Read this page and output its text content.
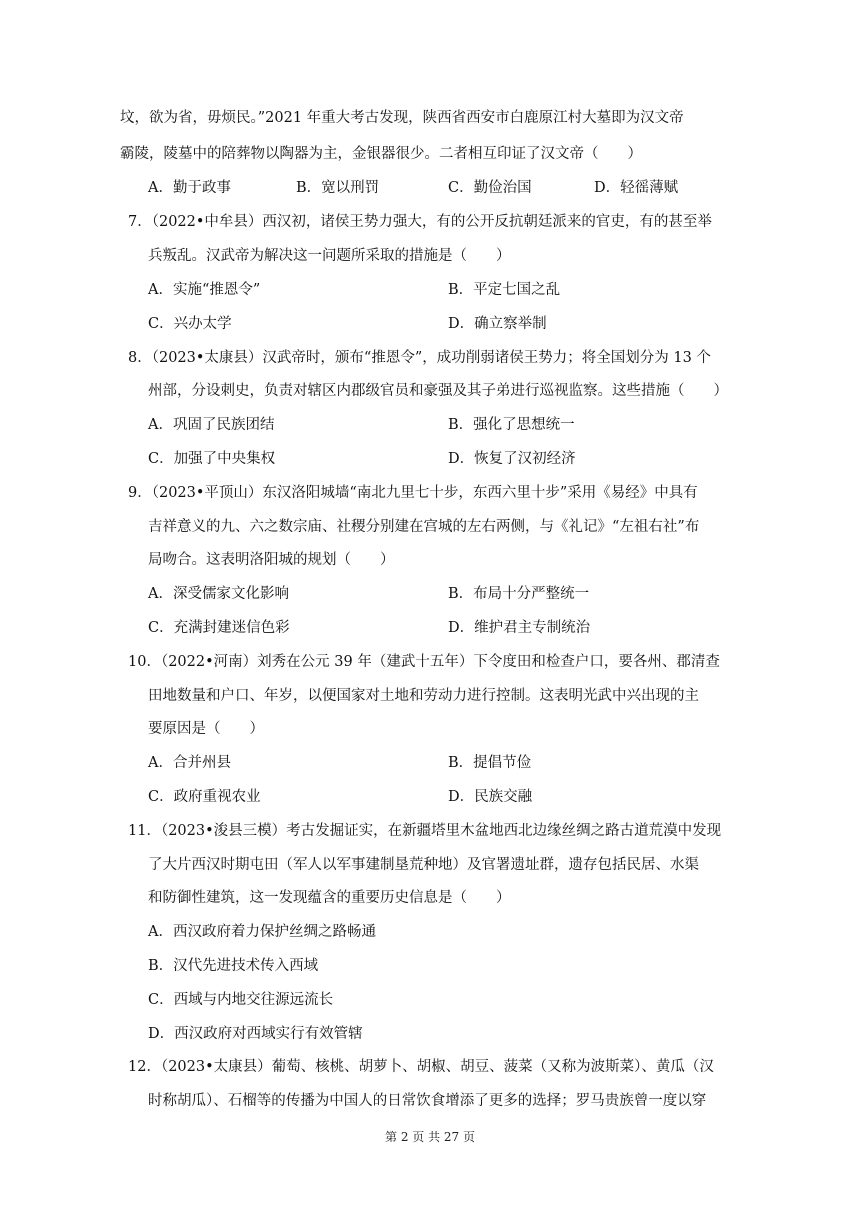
坟，欲为省，毋烦民。”2021 年重大考古发现，陕西省西安市白鹿原江村大墓即为汉文帝
霸陵，陵墓中的陪葬物以陶器为主，金银器很少。二者相互印证了汉文帝（　　）
A．勤于政事	B．宽以刑罚	C．勤俭治国	D．轻徭薄赋
7．（2022•中牟县）西汉初，诸侯王势力强大，有的公开反抗朝廷派来的官吏，有的甚至举
兵叛乱。汉武帝为解决这一问题所采取的措施是（　　）
A．实施“推恩令”	B．平定七国之乱
C．兴办太学	D．确立察举制
8．（2023•太康县）汉武帝时，颁布“推恩令”，成功削弱诸侯王势力；将全国划分为 13 个
州部，分设刺史，负责对辖区内郡级官员和豪强及其子弟进行巡视监察。这些措施（　　）
A．巩固了民族团结	B．强化了思想统一
C．加强了中央集权	D．恢复了汉初经济
9．（2023•平顶山）东汉洛阳城墙“南北九里七十步，东西六里十步”采用《易经》中具有
吉祥意义的九、六之数宗庙、社稷分别建在宫城的左右两侧，与《礼记》“左祖右社”布
局吻合。这表明洛阳城的规划（　　）
A．深受儒家文化影响	B．布局十分严整统一
C．充满封建迷信色彩	D．维护君主专制统治
10．（2022•河南）刘秀在公元 39 年（建武十五年）下令度田和检查户口，要各州、郡清查
田地数量和户口、年岁，以便国家对土地和劳动力进行控制。这表明光武中兴出现的主
要原因是（　　）
A．合并州县	B．提倡节俭
C．政府重视农业	D．民族交融
11．（2023•浚县三模）考古发掘证实，在新疆塔里木盆地西北边缘丝绸之路古道荒漠中发现
了大片西汉时期屯田（军人以军事建制垦荒种地）及官署遗址群，遗存包括民居、水渠
和防御性建筑，这一发现蕴含的重要历史信息是（　　）
A．西汉政府着力保护丝绸之路畅通
B．汉代先进技术传入西域
C．西域与内地交往源远流长
D．西汉政府对西域实行有效管辖
12．（2023•太康县）葡萄、核桃、胡萝卜、胡椒、胡豆、菠菜（又称为波斯菜）、黄瓜（汉
时称胡瓜）、石榴等的传播为中国人的日常饮食增添了更多的选择；罗马贵族曾一度以穿
第 2 页 共 27 页
